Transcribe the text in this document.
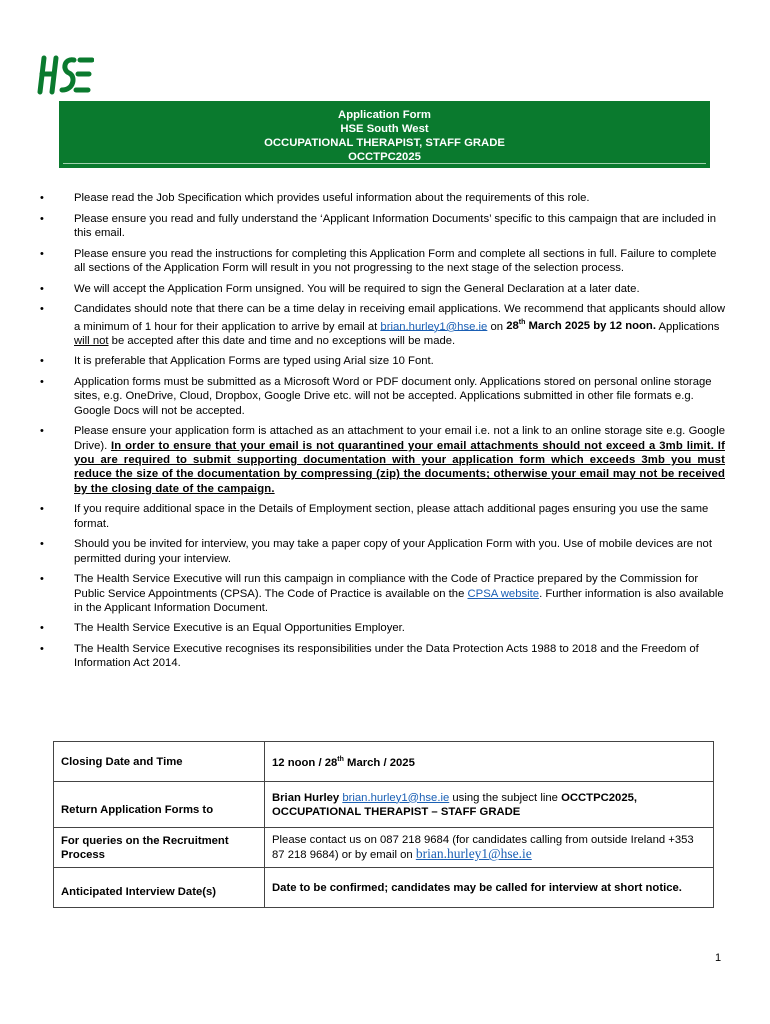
Application Form
HSE South West
OCCUPATIONAL THERAPIST, STAFF GRADE
OCCTPC2025
• Please read the Job Specification which provides useful information about the requirements of this role.
• Please ensure you read and fully understand the ‘Applicant Information Documents’ specific to this campaign that are included in this email.
• Please ensure you read the instructions for completing this Application Form and complete all sections in full. Failure to complete all sections of the Application Form will result in you not progressing to the next stage of the selection process.
• We will accept the Application Form unsigned. You will be required to sign the General Declaration at a later date.
• Candidates should note that there can be a time delay in receiving email applications. We recommend that applicants should allow a minimum of 1 hour for their application to arrive by email at brian.hurley1@hse.ie on 28th March 2025 by 12 noon. Applications will not be accepted after this date and time and no exceptions will be made.
• It is preferable that Application Forms are typed using Arial size 10 Font.
• Application forms must be submitted as a Microsoft Word or PDF document only. Applications stored on personal online storage sites, e.g. OneDrive, Cloud, Dropbox, Google Drive etc. will not be accepted. Applications submitted in other file formats e.g. Google Docs will not be accepted.
• Please ensure your application form is attached as an attachment to your email i.e. not a link to an online storage site e.g. Google Drive). In order to ensure that your email is not quarantined your email attachments should not exceed a 3mb limit. If you are required to submit supporting documentation with your application form which exceeds 3mb you must reduce the size of the documentation by compressing (zip) the documents; otherwise your email may not be received by the closing date of the campaign.
• If you require additional space in the Details of Employment section, please attach additional pages ensuring you use the same format.
• Should you be invited for interview, you may take a paper copy of your Application Form with you. Use of mobile devices are not permitted during your interview.
• The Health Service Executive will run this campaign in compliance with the Code of Practice prepared by the Commission for Public Service Appointments (CPSA). The Code of Practice is available on the CPSA website. Further information is also available in the Applicant Information Document.
• The Health Service Executive is an Equal Opportunities Employer.
• The Health Service Executive recognises its responsibilities under the Data Protection Acts 1988 to 2018 and the Freedom of Information Act 2014.
Closing Date and Time	12 noon / 28th March / 2025
Return Application Forms to	Brian Hurley brian.hurley1@hse.ie using the subject line OCCTPC2025, OCCUPATIONAL THERAPIST – STAFF GRADE
For queries on the Recruitment Process	Please contact us on 087 218 9684 (for candidates calling from outside Ireland +353 87 218 9684) or by email on brian.hurley1@hse.ie
Anticipated Interview Date(s)	Date to be confirmed; candidates may be called for interview at short notice.
1
